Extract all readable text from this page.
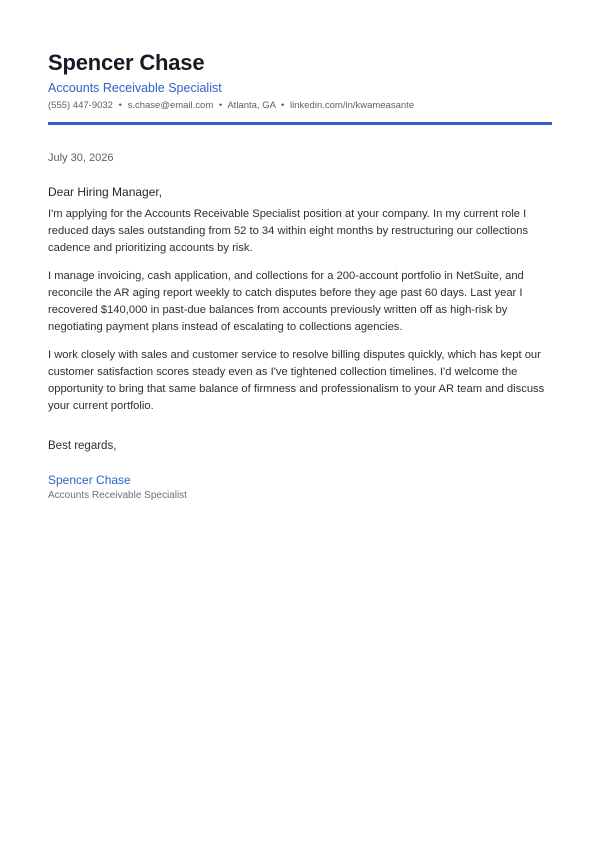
Spencer Chase
Accounts Receivable Specialist
(555) 447-9032 • s.chase@email.com • Atlanta, GA • linkedin.com/in/kwameasante
July 30, 2026
Dear Hiring Manager,

I'm applying for the Accounts Receivable Specialist position at your company. In my current role I reduced days sales outstanding from 52 to 34 within eight months by restructuring our collections cadence and prioritizing accounts by risk.

I manage invoicing, cash application, and collections for a 200-account portfolio in NetSuite, and reconcile the AR aging report weekly to catch disputes before they age past 60 days. Last year I recovered $140,000 in past-due balances from accounts previously written off as high-risk by negotiating payment plans instead of escalating to collections agencies.

I work closely with sales and customer service to resolve billing disputes quickly, which has kept our customer satisfaction scores steady even as I've tightened collection timelines. I'd welcome the opportunity to bring that same balance of firmness and professionalism to your AR team and discuss your current portfolio.

Best regards,
Spencer Chase
Accounts Receivable Specialist
